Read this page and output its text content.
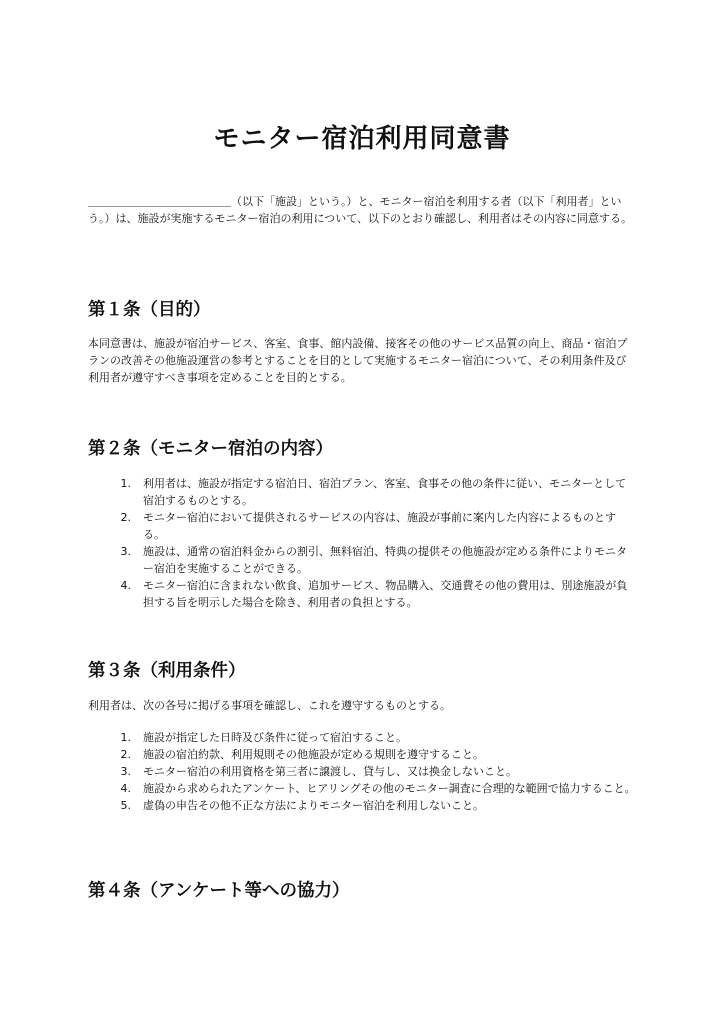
モニター宿泊利用同意書
＿＿＿＿＿＿＿＿＿＿＿＿＿（以下「施設」という。）と、モニター宿泊を利用する者（以下「利用者」という。）は、施設が実施するモニター宿泊の利用について、以下のとおり確認し、利用者はその内容に同意する。
第１条（目的）
本同意書は、施設が宿泊サービス、客室、食事、館内設備、接客その他のサービス品質の向上、商品・宿泊プランの改善その他施設運営の参考とすることを目的として実施するモニター宿泊について、その利用条件及び利用者が遵守すべき事項を定めることを目的とする。
第２条（モニター宿泊の内容）
1.	利用者は、施設が指定する宿泊日、宿泊プラン、客室、食事その他の条件に従い、モニターとして宿泊するものとする。
2.	モニター宿泊において提供されるサービスの内容は、施設が事前に案内した内容によるものとする。
3.	施設は、通常の宿泊料金からの割引、無料宿泊、特典の提供その他施設が定める条件によりモニター宿泊を実施することができる。
4.	モニター宿泊に含まれない飲食、追加サービス、物品購入、交通費その他の費用は、別途施設が負担する旨を明示した場合を除き、利用者の負担とする。
第３条（利用条件）
利用者は、次の各号に掲げる事項を確認し、これを遵守するものとする。
1.	施設が指定した日時及び条件に従って宿泊すること。
2.	施設の宿泊約款、利用規則その他施設が定める規則を遵守すること。
3.	モニター宿泊の利用資格を第三者に譲渡し、貸与し、又は換金しないこと。
4.	施設から求められたアンケート、ヒアリングその他のモニター調査に合理的な範囲で協力すること。
5.	虚偽の申告その他不正な方法によりモニター宿泊を利用しないこと。
第４条（アンケート等への協力）
